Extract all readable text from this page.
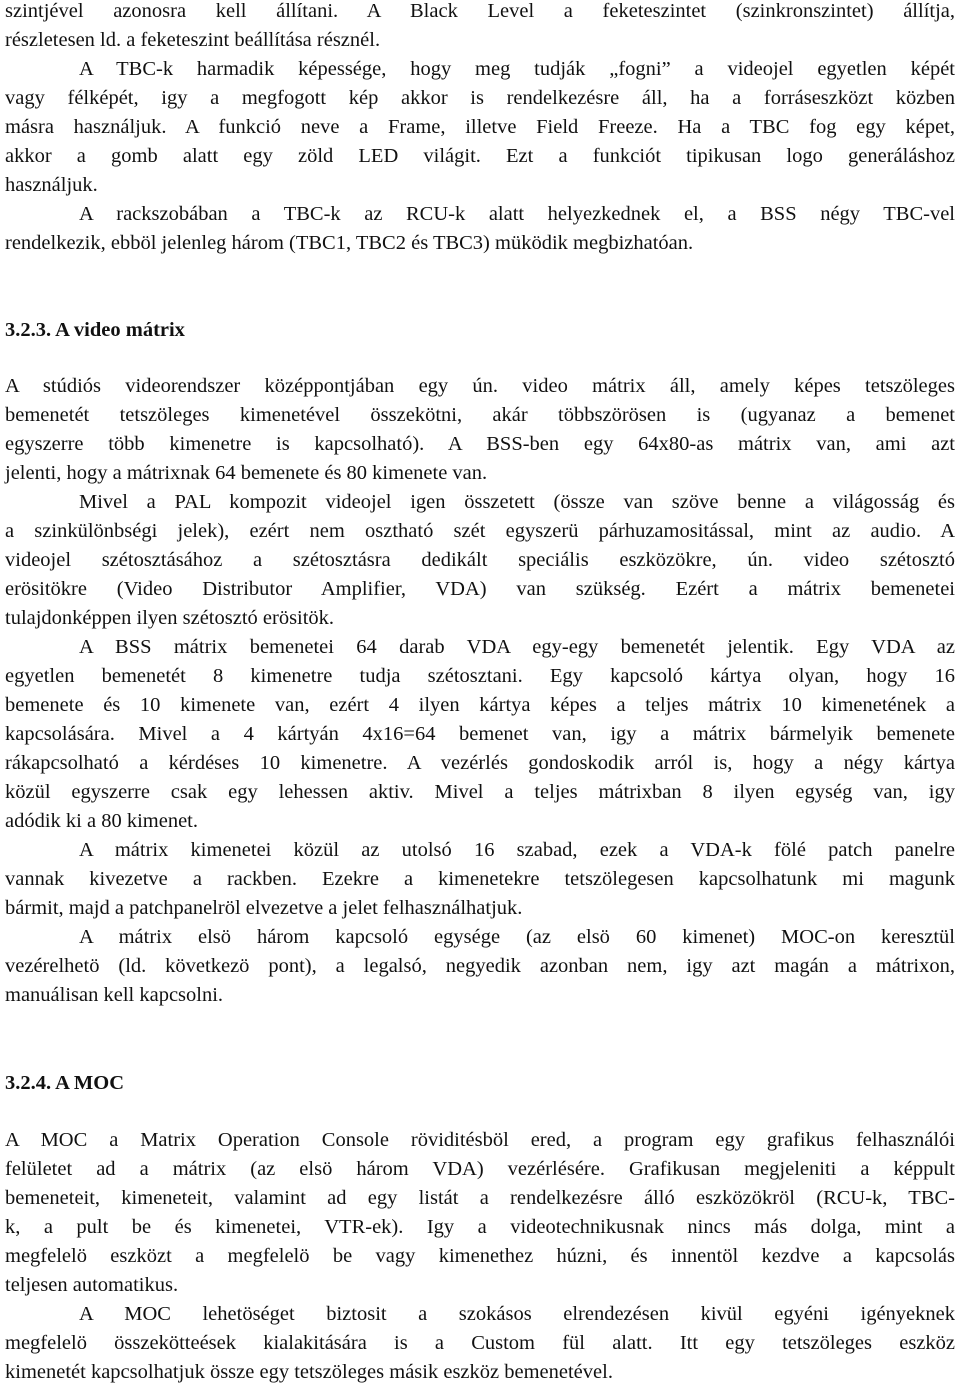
szintjével azonosra kell állítani. A Black Level a feketeszintet (szinkronszintet) állítja,
részletesen ld. a feketeszint beállítása résznél.
A TBC-k harmadik képessége, hogy meg tudják „fogni” a videojel egyetlen képét
vagy félképét, igy a megfogott kép akkor is rendelkezésre áll, ha a forráseszközt közben
másra használjuk. A funkció neve a Frame, illetve Field Freeze. Ha a TBC fog egy képet,
akkor a gomb alatt egy zöld LED világit. Ezt a funkciót tipikusan logo generáláshoz
használjuk.
A rackszobában a TBC-k az RCU-k alatt helyezkednek el, a BSS négy TBC-vel
rendelkezik, ebböl jelenleg három (TBC1, TBC2 és TBC3) müködik megbizhatóan.
3.2.3. A video mátrix
A stúdiós videorendszer középpontjában egy ún. video mátrix áll, amely képes tetszöleges
bemenetét tetszöleges kimenetével összekötni, akár többszörösen is (ugyanaz a bemenet
egyszerre több kimenetre is kapcsolható). A BSS-ben egy 64x80-as mátrix van, ami azt
jelenti, hogy a mátrixnak 64 bemenete és 80 kimenete van.
Mivel a PAL kompozit videojel igen összetett (össze van szöve benne a világosság és
a szinkülönbségi jelek), ezért nem osztható szét egyszerü párhuzamositással, mint az audio. A
videojel szétosztásához a szétosztásra dedikált speciális eszközökre, ún. video szétosztó
erösitökre (Video Distributor Amplifier, VDA) van szükség. Ezért a mátrix bemenetei
tulajdonképpen ilyen szétosztó erösitök.
A BSS mátrix bemenetei 64 darab VDA egy-egy bemenetét jelentik. Egy VDA az
egyetlen bemenetét 8 kimenetre tudja szétosztani. Egy kapcsoló kártya olyan, hogy 16
bemenete és 10 kimenete van, ezért 4 ilyen kártya képes a teljes mátrix 10 kimenetének a
kapcsolására. Mivel a 4 kártyán 4x16=64 bemenet van, igy a mátrix bármelyik bemenete
rákapcsolható a kérdéses 10 kimenetre. A vezérlés gondoskodik arról is, hogy a négy kártya
közül egyszerre csak egy lehessen aktiv. Mivel a teljes mátrixban 8 ilyen egység van, igy
adódik ki a 80 kimenet.
A mátrix kimenetei közül az utolsó 16 szabad, ezek a VDA-k fölé patch panelre
vannak kivezetve a rackben. Ezekre a kimenetekre tetszölegesen kapcsolhatunk mi magunk
bármit, majd a patchpanelröl elvezetve a jelet felhasználhatjuk.
A mátrix elsö három kapcsoló egysége (az elsö 60 kimenet) MOC-on keresztül
vezérelhetö (ld. következö pont), a legalsó, negyedik azonban nem, igy azt magán a mátrixon,
manuálisan kell kapcsolni.
3.2.4. A MOC
A MOC a Matrix Operation Console röviditésböl ered, a program egy grafikus felhasználói
felületet ad a mátrix (az elsö három VDA) vezérlésére. Grafikusan megjeleniti a képpult
bemeneteit, kimeneteit, valamint ad egy listát a rendelkezésre álló eszközökröl (RCU-k, TBC-
k, a pult be és kimenetei, VTR-ek). Igy a videotechnikusnak nincs más dolga, mint a
megfelelö eszközt a megfelelö be vagy kimenethez húzni, és innentöl kezdve a kapcsolás
teljesen automatikus.
A MOC lehetöséget biztosit a szokásos elrendezésen kivül egyéni igényeknek
megfelelö összekötteések kialakitására is a Custom fül alatt. Itt egy tetszöleges eszköz
kimenetét kapcsolhatjuk össze egy tetszöleges másik eszköz bemenetével.
